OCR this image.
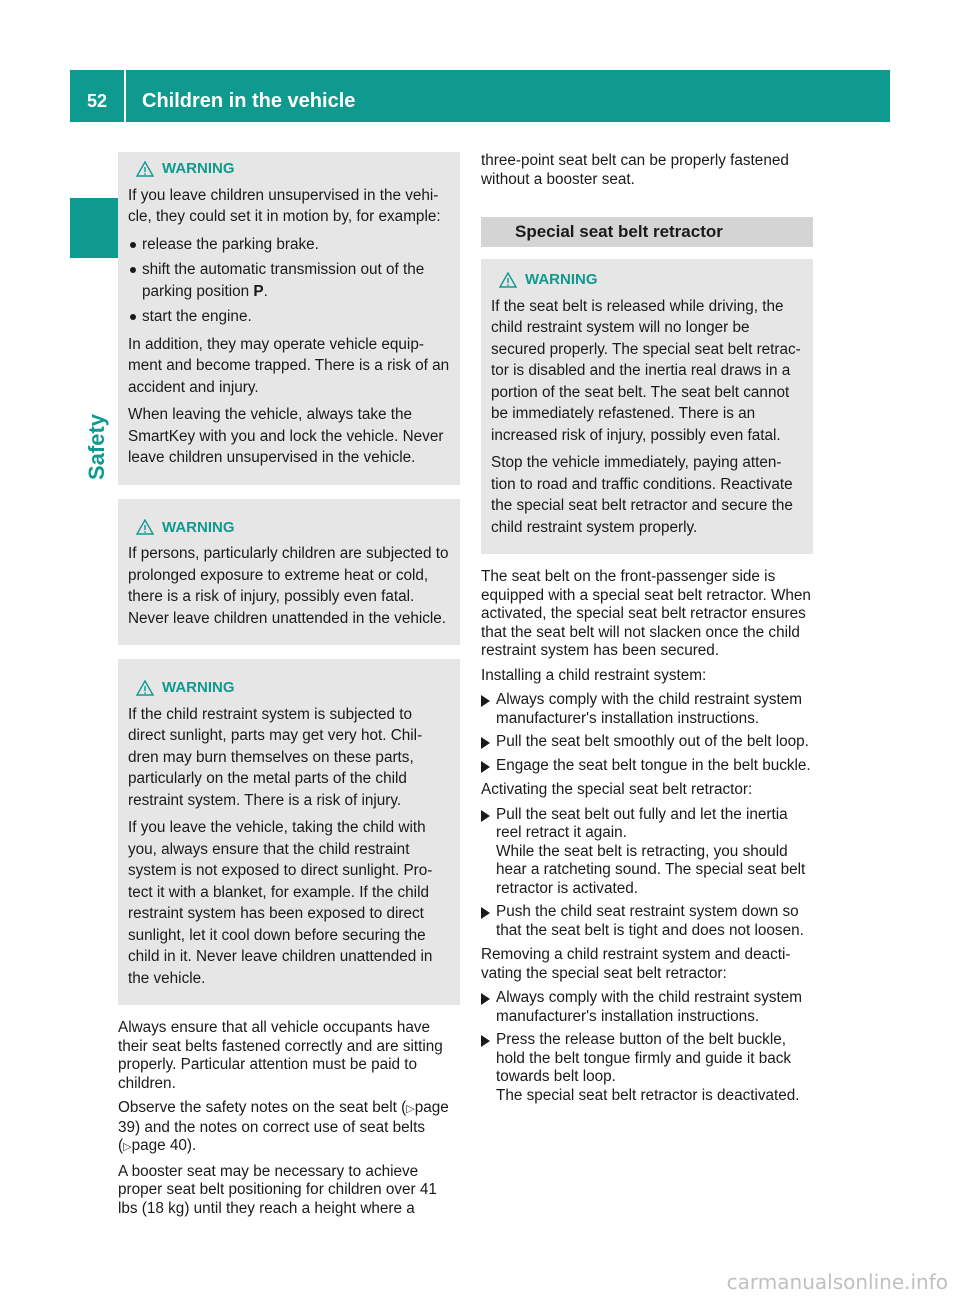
52	Children in the vehicle
Safety
WARNING

If you leave children unsupervised in the vehi-cle, they could set it in motion by, for example:

release the parking brake.
shift the automatic transmission out of the parking position P.
start the engine.

In addition, they may operate vehicle equip-ment and become trapped. There is a risk of an accident and injury.

When leaving the vehicle, always take the SmartKey with you and lock the vehicle. Never leave children unsupervised in the vehicle.

WARNING

If persons, particularly children are subjected to prolonged exposure to extreme heat or cold, there is a risk of injury, possibly even fatal. Never leave children unattended in the vehicle.

WARNING

If the child restraint system is subjected to direct sunlight, parts may get very hot. Chil-dren may burn themselves on these parts, particularly on the metal parts of the child restraint system. There is a risk of injury.

If you leave the vehicle, taking the child with you, always ensure that the child restraint system is not exposed to direct sunlight. Pro-tect it with a blanket, for example. If the child restraint system has been exposed to direct sunlight, let it cool down before securing the child in it. Never leave children unattended in the vehicle.

Always ensure that all vehicle occupants have their seat belts fastened correctly and are sitting properly. Particular attention must be paid to children.

Observe the safety notes on the seat belt (▷page 39) and the notes on correct use of seat belts (▷page 40).

A booster seat may be necessary to achieve proper seat belt positioning for children over 41 lbs (18 kg) until they reach a height where a

three-point seat belt can be properly fastened without a booster seat.

Special seat belt retractor
WARNING

If the seat belt is released while driving, the child restraint system will no longer be secured properly. The special seat belt retrac-tor is disabled and the inertia real draws in a portion of the seat belt. The seat belt cannot be immediately refastened. There is an increased risk of injury, possibly even fatal.

Stop the vehicle immediately, paying atten-tion to road and traffic conditions. Reactivate the special seat belt retractor and secure the child restraint system properly.

The seat belt on the front-passenger side is equipped with a special seat belt retractor. When activated, the special seat belt retractor ensures that the seat belt will not slacken once the child restraint system has been secured.

Installing a child restraint system:

Always comply with the child restraint system manufacturer's installation instructions.
Pull the seat belt smoothly out of the belt loop.
Engage the seat belt tongue in the belt buckle.

Activating the special seat belt retractor:

Pull the seat belt out fully and let the inertia reel retract it again.
While the seat belt is retracting, you should hear a ratcheting sound. The special seat belt retractor is activated.
Push the child seat restraint system down so that the seat belt is tight and does not loosen.

Removing a child restraint system and deacti-vating the special seat belt retractor:

Always comply with the child restraint system manufacturer's installation instructions.
Press the release button of the belt buckle, hold the belt tongue firmly and guide it back towards belt loop.
The special seat belt retractor is deactivated.
carmanualsonline.info
